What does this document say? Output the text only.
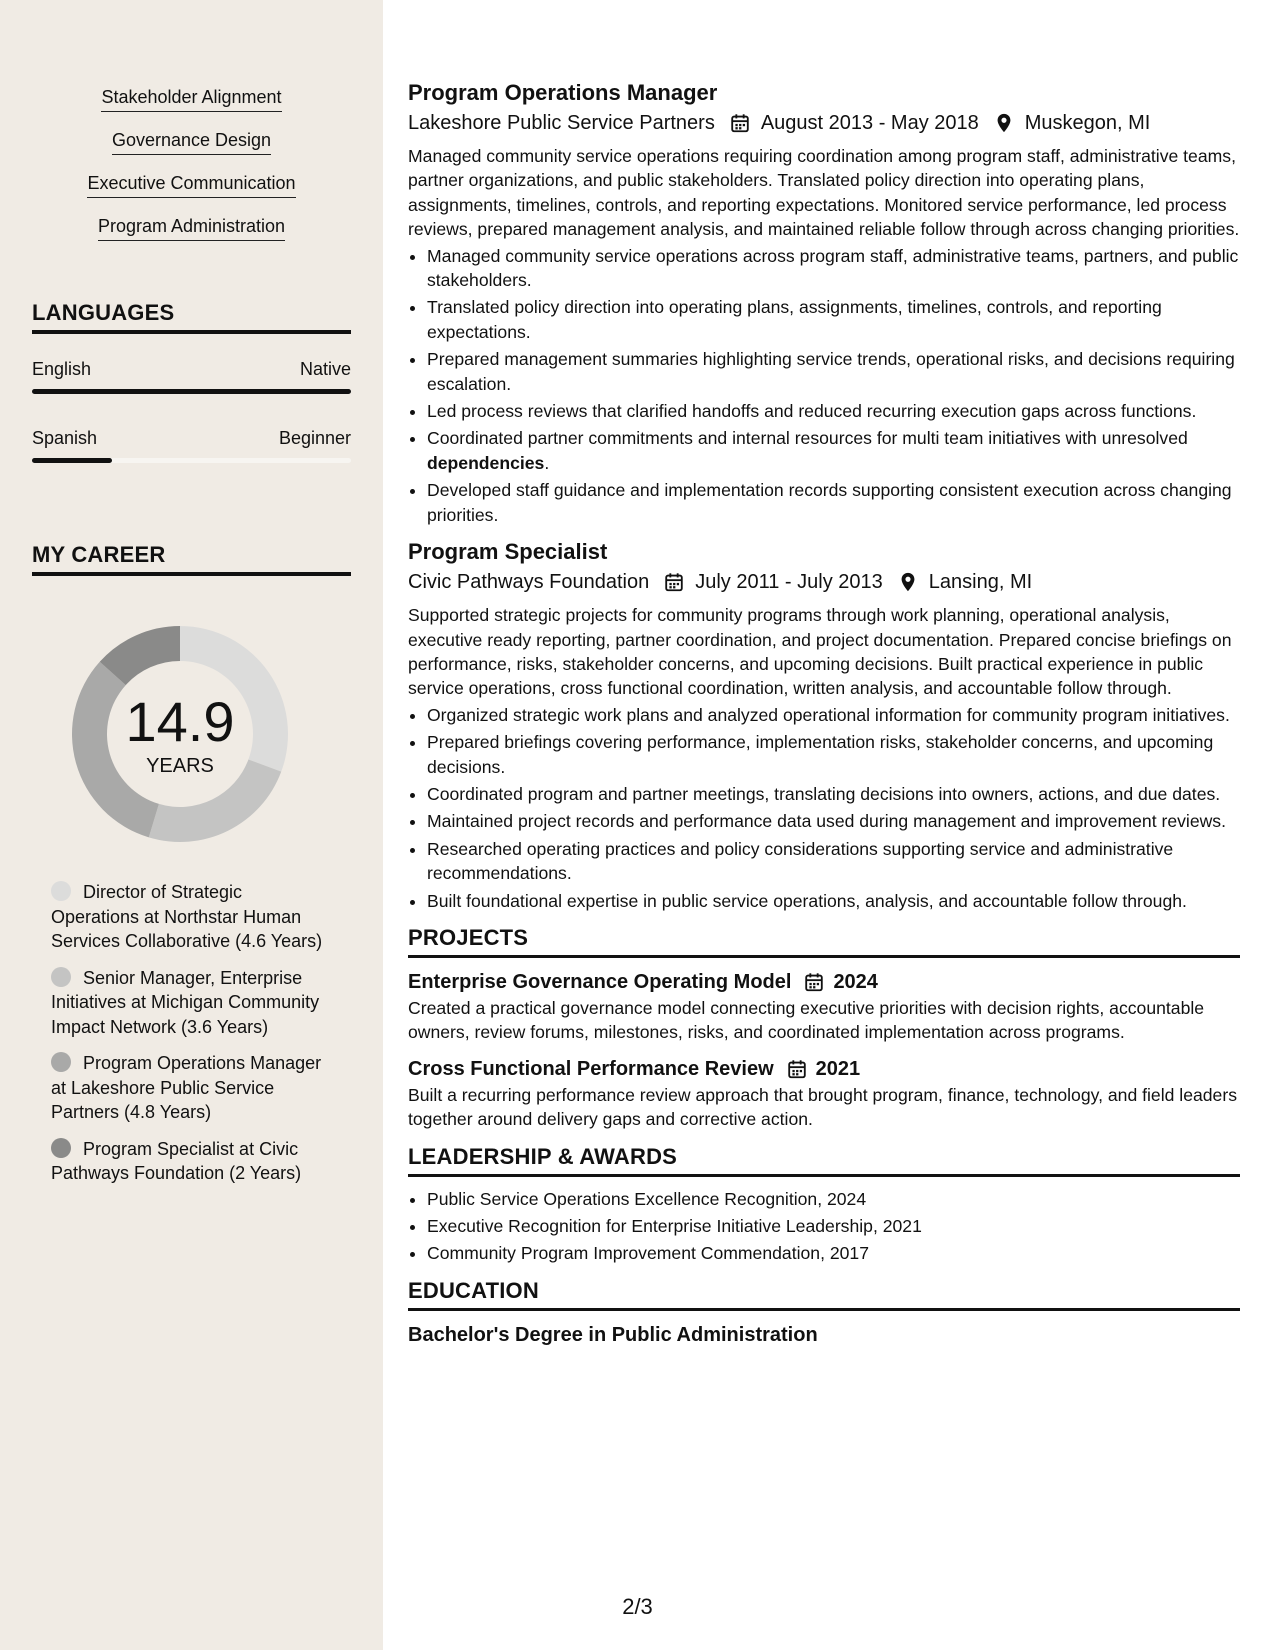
Stakeholder Alignment
Governance Design
Executive Communication
Program Administration
LANGUAGES
English	Native
Spanish	Beginner
MY CAREER
14.9
YEARS
Director of Strategic Operations at Northstar Human Services Collaborative (4.6 Years)
Senior Manager, Enterprise Initiatives at Michigan Community Impact Network (3.6 Years)
Program Operations Manager at Lakeshore Public Service Partners (4.8 Years)
Program Specialist at Civic Pathways Foundation (2 Years)
Program Operations Manager
Lakeshore Public Service Partners August 2013 - May 2018 Muskegon, MI

Managed community service operations requiring coordination among program staff, administrative teams, partner organizations, and public stakeholders. Translated policy direction into operating plans, assignments, timelines, controls, and reporting expectations. Monitored service performance, led process reviews, prepared management analysis, and maintained reliable follow through across changing priorities.

• Managed community service operations across program staff, administrative teams, partners, and public stakeholders.
• Translated policy direction into operating plans, assignments, timelines, controls, and reporting expectations.
• Prepared management summaries highlighting service trends, operational risks, and decisions requiring escalation.
• Led process reviews that clarified handoffs and reduced recurring execution gaps across functions.
• Coordinated partner commitments and internal resources for multi team initiatives with unresolved dependencies.
• Developed staff guidance and implementation records supporting consistent execution across changing priorities.
Program Specialist
Civic Pathways Foundation July 2011 - July 2013 Lansing, MI

Supported strategic projects for community programs through work planning, operational analysis, executive ready reporting, partner coordination, and project documentation. Prepared concise briefings on performance, risks, stakeholder concerns, and upcoming decisions. Built practical experience in public service operations, cross functional coordination, written analysis, and accountable follow through.

• Organized strategic work plans and analyzed operational information for community program initiatives.
• Prepared briefings covering performance, implementation risks, stakeholder concerns, and upcoming decisions.
• Coordinated program and partner meetings, translating decisions into owners, actions, and due dates.
• Maintained project records and performance data used during management and improvement reviews.
• Researched operating practices and policy considerations supporting service and administrative recommendations.
• Built foundational expertise in public service operations, analysis, and accountable follow through.
PROJECTS
Enterprise Governance Operating Model 2024

Created a practical governance model connecting executive priorities with decision rights, accountable owners, review forums, milestones, risks, and coordinated implementation across programs.

Cross Functional Performance Review 2021

Built a recurring performance review approach that brought program, finance, technology, and field leaders together around delivery gaps and corrective action.

LEADERSHIP & AWARDS
• Public Service Operations Excellence Recognition, 2024
• Executive Recognition for Enterprise Initiative Leadership, 2021
• Community Program Improvement Commendation, 2017
EDUCATION
Bachelor's Degree in Public Administration
2/3
